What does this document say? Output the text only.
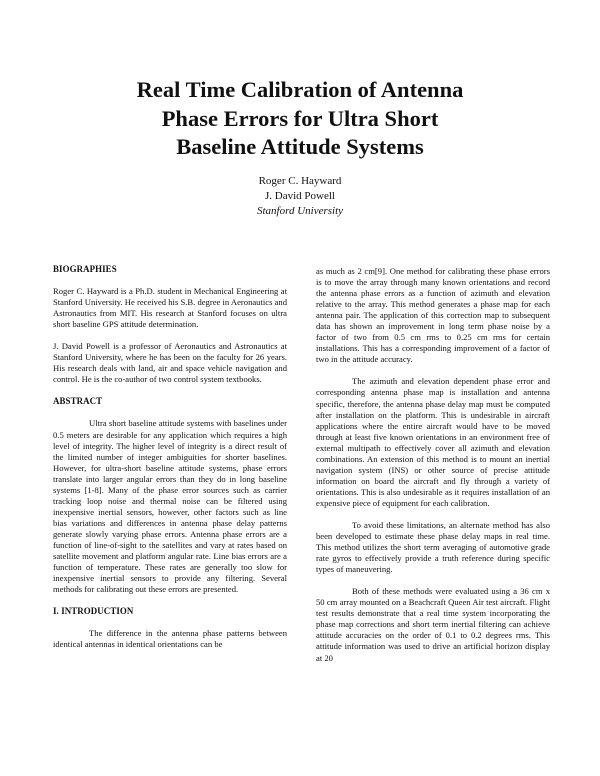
Real Time Calibration of Antenna
Phase Errors for Ultra Short
Baseline Attitude Systems
Roger C. Hayward
J. David Powell
Stanford University
BIOGRAPHIES

Roger C. Hayward is a Ph.D. student in Mechanical Engineering at Stanford University. He received his S.B. degree in Aeronautics and Astronautics from MIT. His research at Stanford focuses on ultra short baseline GPS attitude determination.

J. David Powell is a professor of Aeronautics and Astronautics at Stanford University, where he has been on the faculty for 26 years. His research deals with land, air and space vehicle navigation and control. He is the co-author of two control system textbooks.

ABSTRACT

Ultra short baseline attitude systems with baselines under 0.5 meters are desirable for any application which requires a high level of integrity. The higher level of integrity is a direct result of the limited number of integer ambiguities for shorter baselines. However, for ultra-short baseline attitude systems, phase errors translate into larger angular errors than they do in long baseline systems [1-8]. Many of the phase error sources such as carrier tracking loop noise and thermal noise can be filtered using inexpensive inertial sensors, however, other factors such as line bias variations and differences in antenna phase delay patterns generate slowly varying phase errors. Antenna phase errors are a function of line-of-sight to the satellites and vary at rates based on satellite movement and platform angular rate. Line bias errors are a function of temperature. These rates are generally too slow for inexpensive inertial sensors to provide any filtering. Several methods for calibrating out these errors are presented.

I. INTRODUCTION

The difference in the antenna phase patterns between identical antennas in identical orientations can be

as much as 2 cm[9]. One method for calibrating these phase errors is to move the array through many known orientations and record the antenna phase errors as a function of azimuth and elevation relative to the array. This method generates a phase map for each antenna pair. The application of this correction map to subsequent data has shown an improvement in long term phase noise by a factor of two from 0.5 cm rms to 0.25 cm rms for certain installations. This has a corresponding improvement of a factor of two in the attitude accuracy.

The azimuth and elevation dependent phase error and corresponding antenna phase map is installation and antenna specific, therefore, the antenna phase delay map must be computed after installation on the platform. This is undesirable in aircraft applications where the entire aircraft would have to be moved through at least five known orientations in an environment free of external multipath to effectively cover all azimuth and elevation combinations. An extension of this method is to mount an inertial navigation system (INS) or other source of precise attitude information on board the aircraft and fly through a variety of orientations. This is also undesirable as it requires installation of an expensive piece of equipment for each calibration.

To avoid these limitations, an alternate method has also been developed to estimate these phase delay maps in real time. This method utilizes the short term averaging of automotive grade rate gyros to effectively provide a truth reference during specific types of maneuvering.

Both of these methods were evaluated using a 36 cm x 50 cm array mounted on a Beachcraft Queen Air test aircraft. Flight test results demonstrate that a real time system incorporating the phase map corrections and short term inertial filtering can achieve attitude accuracies on the order of 0.1 to 0.2 degrees rms. This attitude information was used to drive an artificial horizon display at 20
